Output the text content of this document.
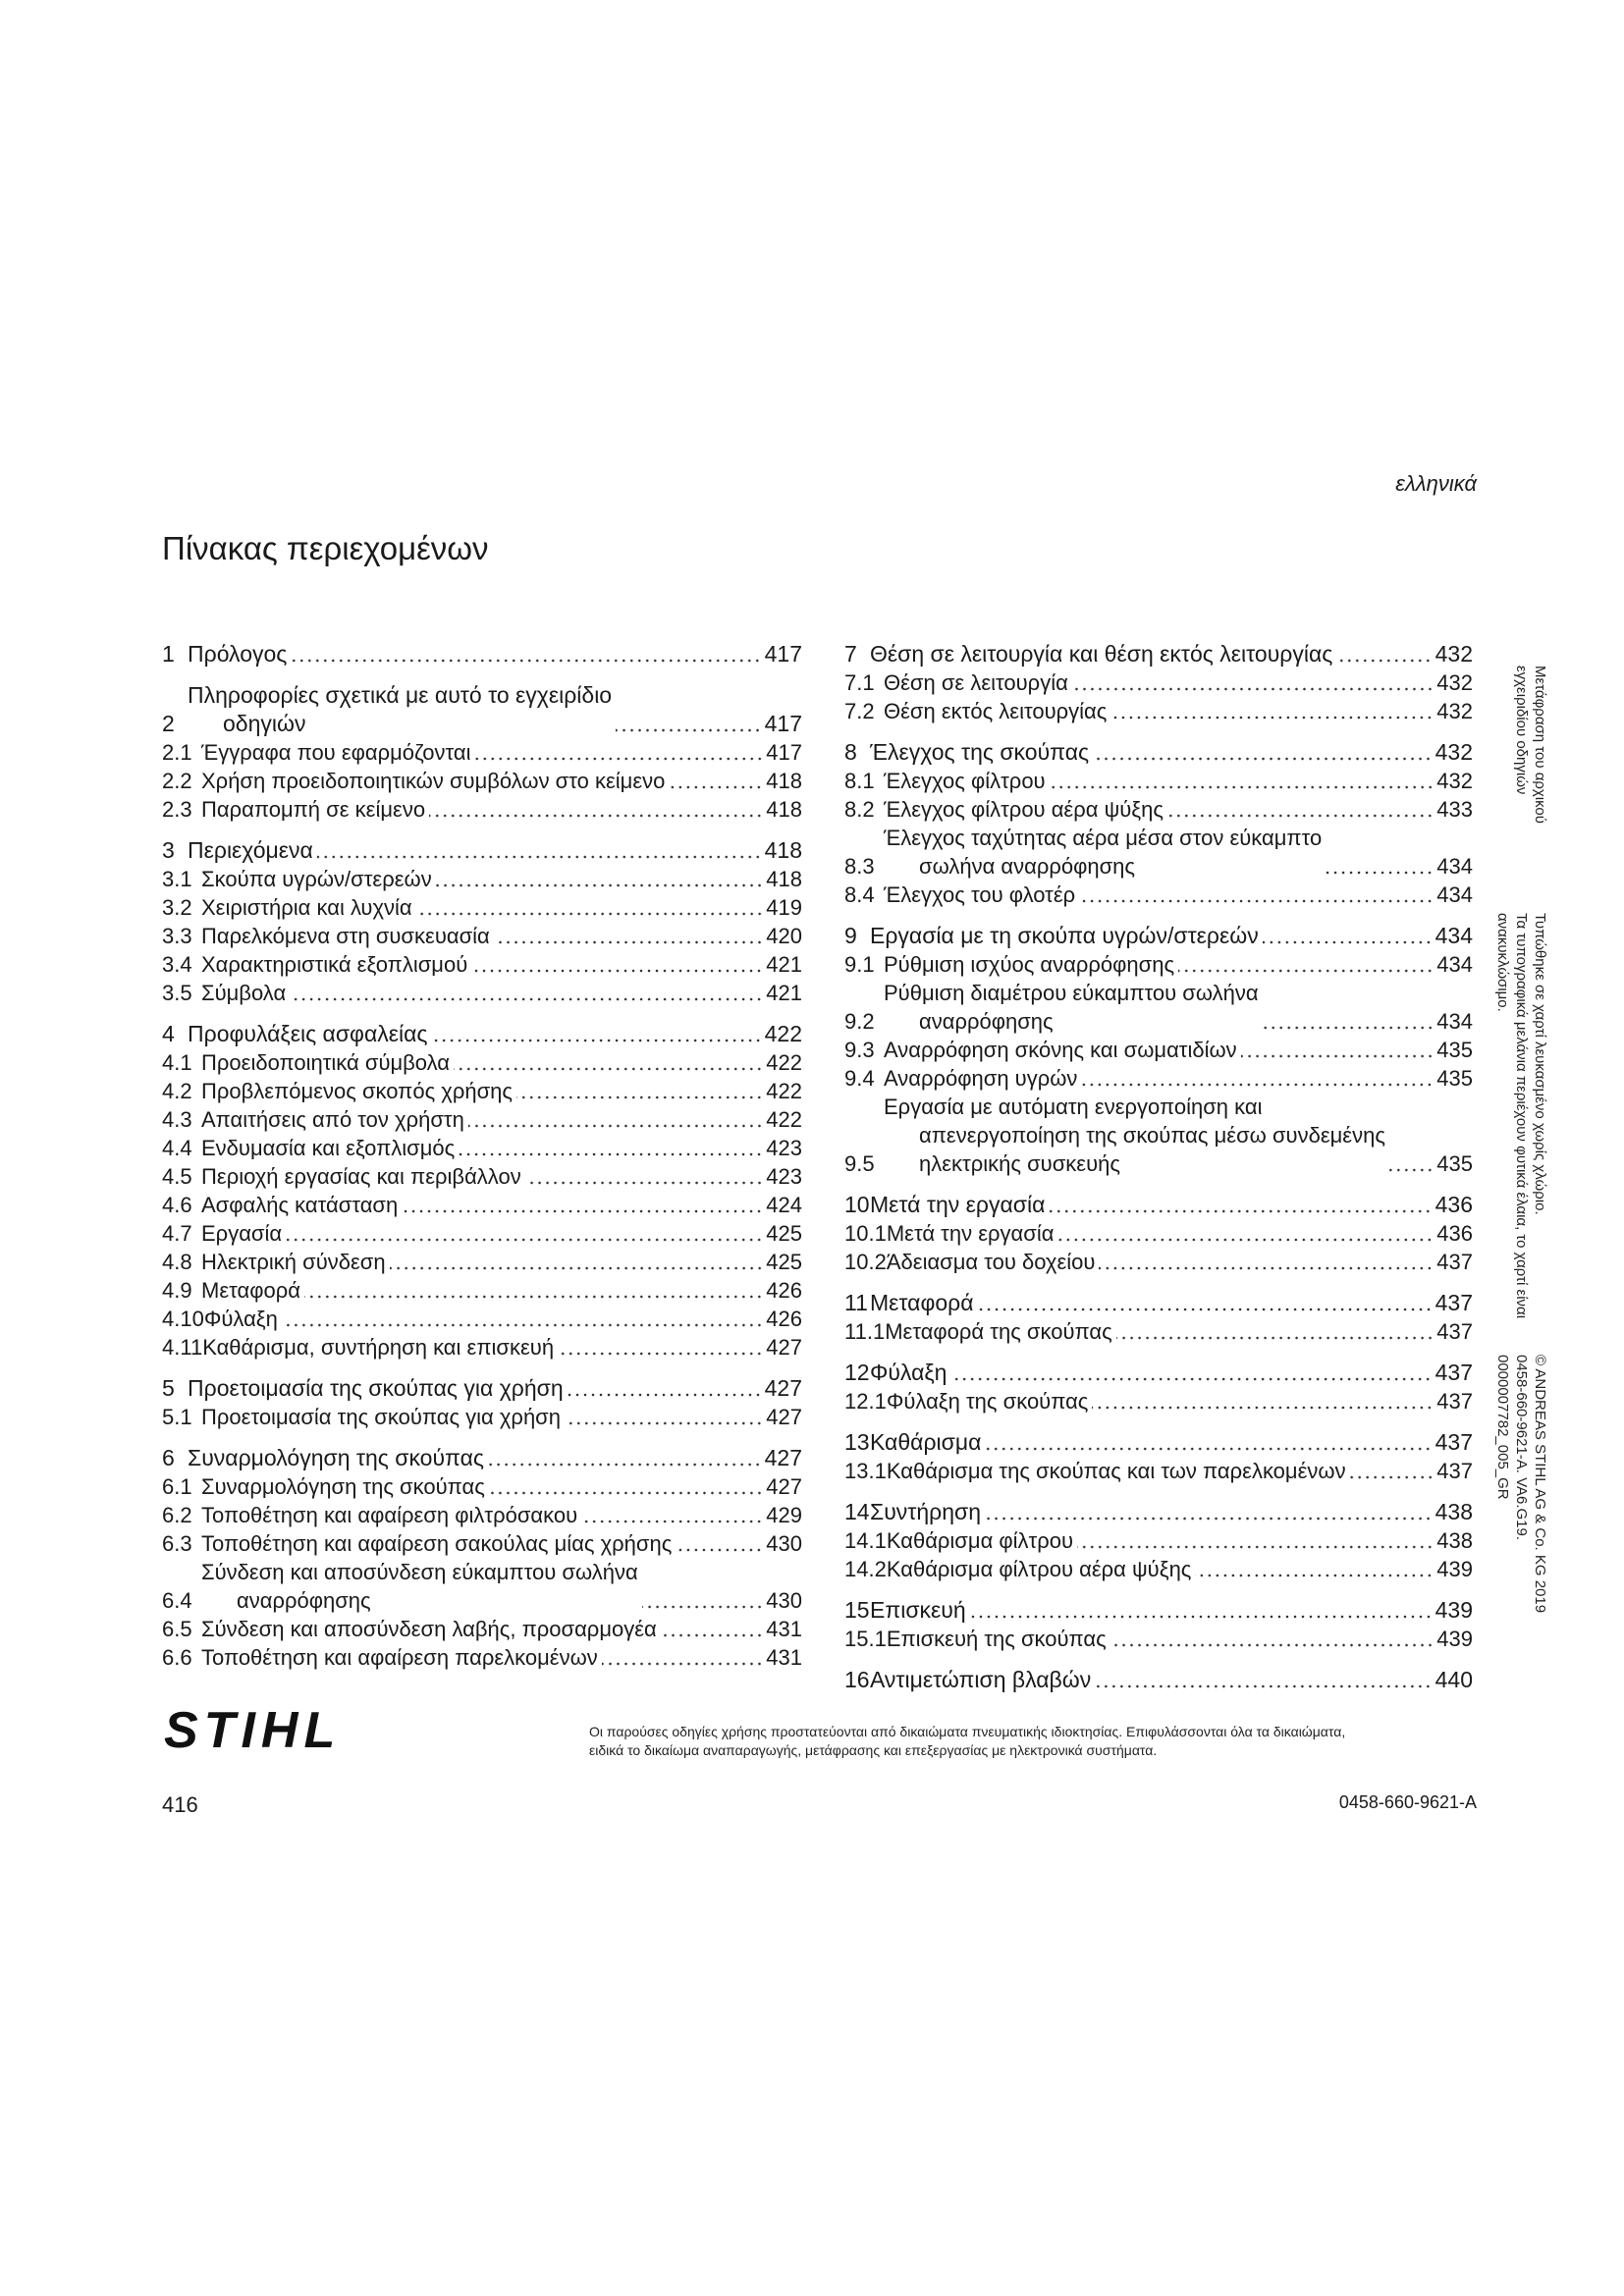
ελληνικά
Πίνακας περιεχομένων
1 Πρόλογος	417
2
Πληροφορίες σχετικά με αυτό το εγχειρίδιο
οδηγιών	417
2.1 Έγγραφα που εφαρμόζονται	417
2.2 Χρήση προειδοποιητικών συμβόλων στο κείμενο	418
2.3 Παραπομπή σε κείμενο	418
3 Περιεχόμενα	418
3.1 Σκούπα υγρών/στερεών	418
3.2 Χειριστήρια και λυχνία	419
3.3 Παρελκόμενα στη συσκευασία	420
3.4 Χαρακτηριστικά εξοπλισμού	421
3.5 Σύμβολα	421
4 Προφυλάξεις ασφαλείας	422
4.1 Προειδοποιητικά σύμβολα	422
4.2 Προβλεπόμενος σκοπός χρήσης	422
4.3 Απαιτήσεις από τον χρήστη	422
4.4 Ενδυμασία και εξοπλισμός	423
4.5 Περιοχή εργασίας και περιβάλλον	423
4.6 Ασφαλής κατάσταση	424
4.7 Εργασία	425
4.8 Ηλεκτρική σύνδεση	425
4.9 Μεταφορά	426
4.10 Φύλαξη	426
4.11 Καθάρισμα, συντήρηση και επισκευή	427
5 Προετοιμασία της σκούπας για χρήση	427
5.1 Προετοιμασία της σκούπας για χρήση	427
6 Συναρμολόγηση της σκούπας	427
6.1 Συναρμολόγηση της σκούπας	427
6.2 Τοποθέτηση και αφαίρεση φιλτρόσακου	429
6.3 Τοποθέτηση και αφαίρεση σακούλας μίας χρήσης	430
6.4
Σύνδεση και αποσύνδεση εύκαμπτου σωλήνα
αναρρόφησης	430
6.5 Σύνδεση και αποσύνδεση λαβής, προσαρμογέα	431
6.6 Τοποθέτηση και αφαίρεση παρελκομένων	431
7 Θέση σε λειτουργία και θέση εκτός λειτουργίας	432
7.1 Θέση σε λειτουργία	432
7.2 Θέση εκτός λειτουργίας	432
8 Έλεγχος της σκούπας	432
8.1 Έλεγχος φίλτρου	432
8.2 Έλεγχος φίλτρου αέρα ψύξης	433
8.3
Έλεγχος ταχύτητας αέρα μέσα στον εύκαμπτο
σωλήνα αναρρόφησης	434
8.4 Έλεγχος του φλοτέρ	434
9 Εργασία με τη σκούπα υγρών/στερεών	434
9.1 Ρύθμιση ισχύος αναρρόφησης	434
9.2
Ρύθμιση διαμέτρου εύκαμπτου σωλήνα
αναρρόφησης	434
9.3 Αναρρόφηση σκόνης και σωματιδίων	435
9.4 Αναρρόφηση υγρών	435
9.5
Εργασία με αυτόματη ενεργοποίηση και
απενεργοποίηση της σκούπας μέσω συνδεμένης
ηλεκτρικής συσκευής	435
10 Μετά την εργασία	436
10.1 Μετά την εργασία	436
10.2 Άδειασμα του δοχείου	437
11 Μεταφορά	437
11.1 Μεταφορά της σκούπας	437
12 Φύλαξη	437
12.1 Φύλαξη της σκούπας	437
13 Καθάρισμα	437
13.1 Καθάρισμα της σκούπας και των παρελκομένων	437
14 Συντήρηση	438
14.1 Καθάρισμα φίλτρου	438
14.2 Καθάρισμα φίλτρου αέρα ψύξης	439
15 Επισκευή	439
15.1 Επισκευή της σκούπας	439
16 Αντιμετώπιση βλαβών	440
Μετάφραση του αρχικού
εγχειριδίου οδηγιών
Τυπώθηκε σε χαρτί λευκασμένο χωρίς χλώριο.
Τα τυπογραφικά μελάνια περιέχουν φυτικά έλαια, το χαρτί είναι
ανακυκλώσιμο.
© ANDREAS STIHL AG & Co. KG 2019
0458-660-9621-A. VA6.G19.
0000007782_005_GR
STIHL	Οι παρούσες οδηγίες χρήσης προστατεύονται από δικαιώματα πνευματικής ιδιοκτησίας. Επιφυλάσσονται όλα τα δικαιώματα,
ειδικά το δικαίωμα αναπαραγωγής, μετάφρασης και επεξεργασίας με ηλεκτρονικά συστήματα.
416	0458-660-9621-A
